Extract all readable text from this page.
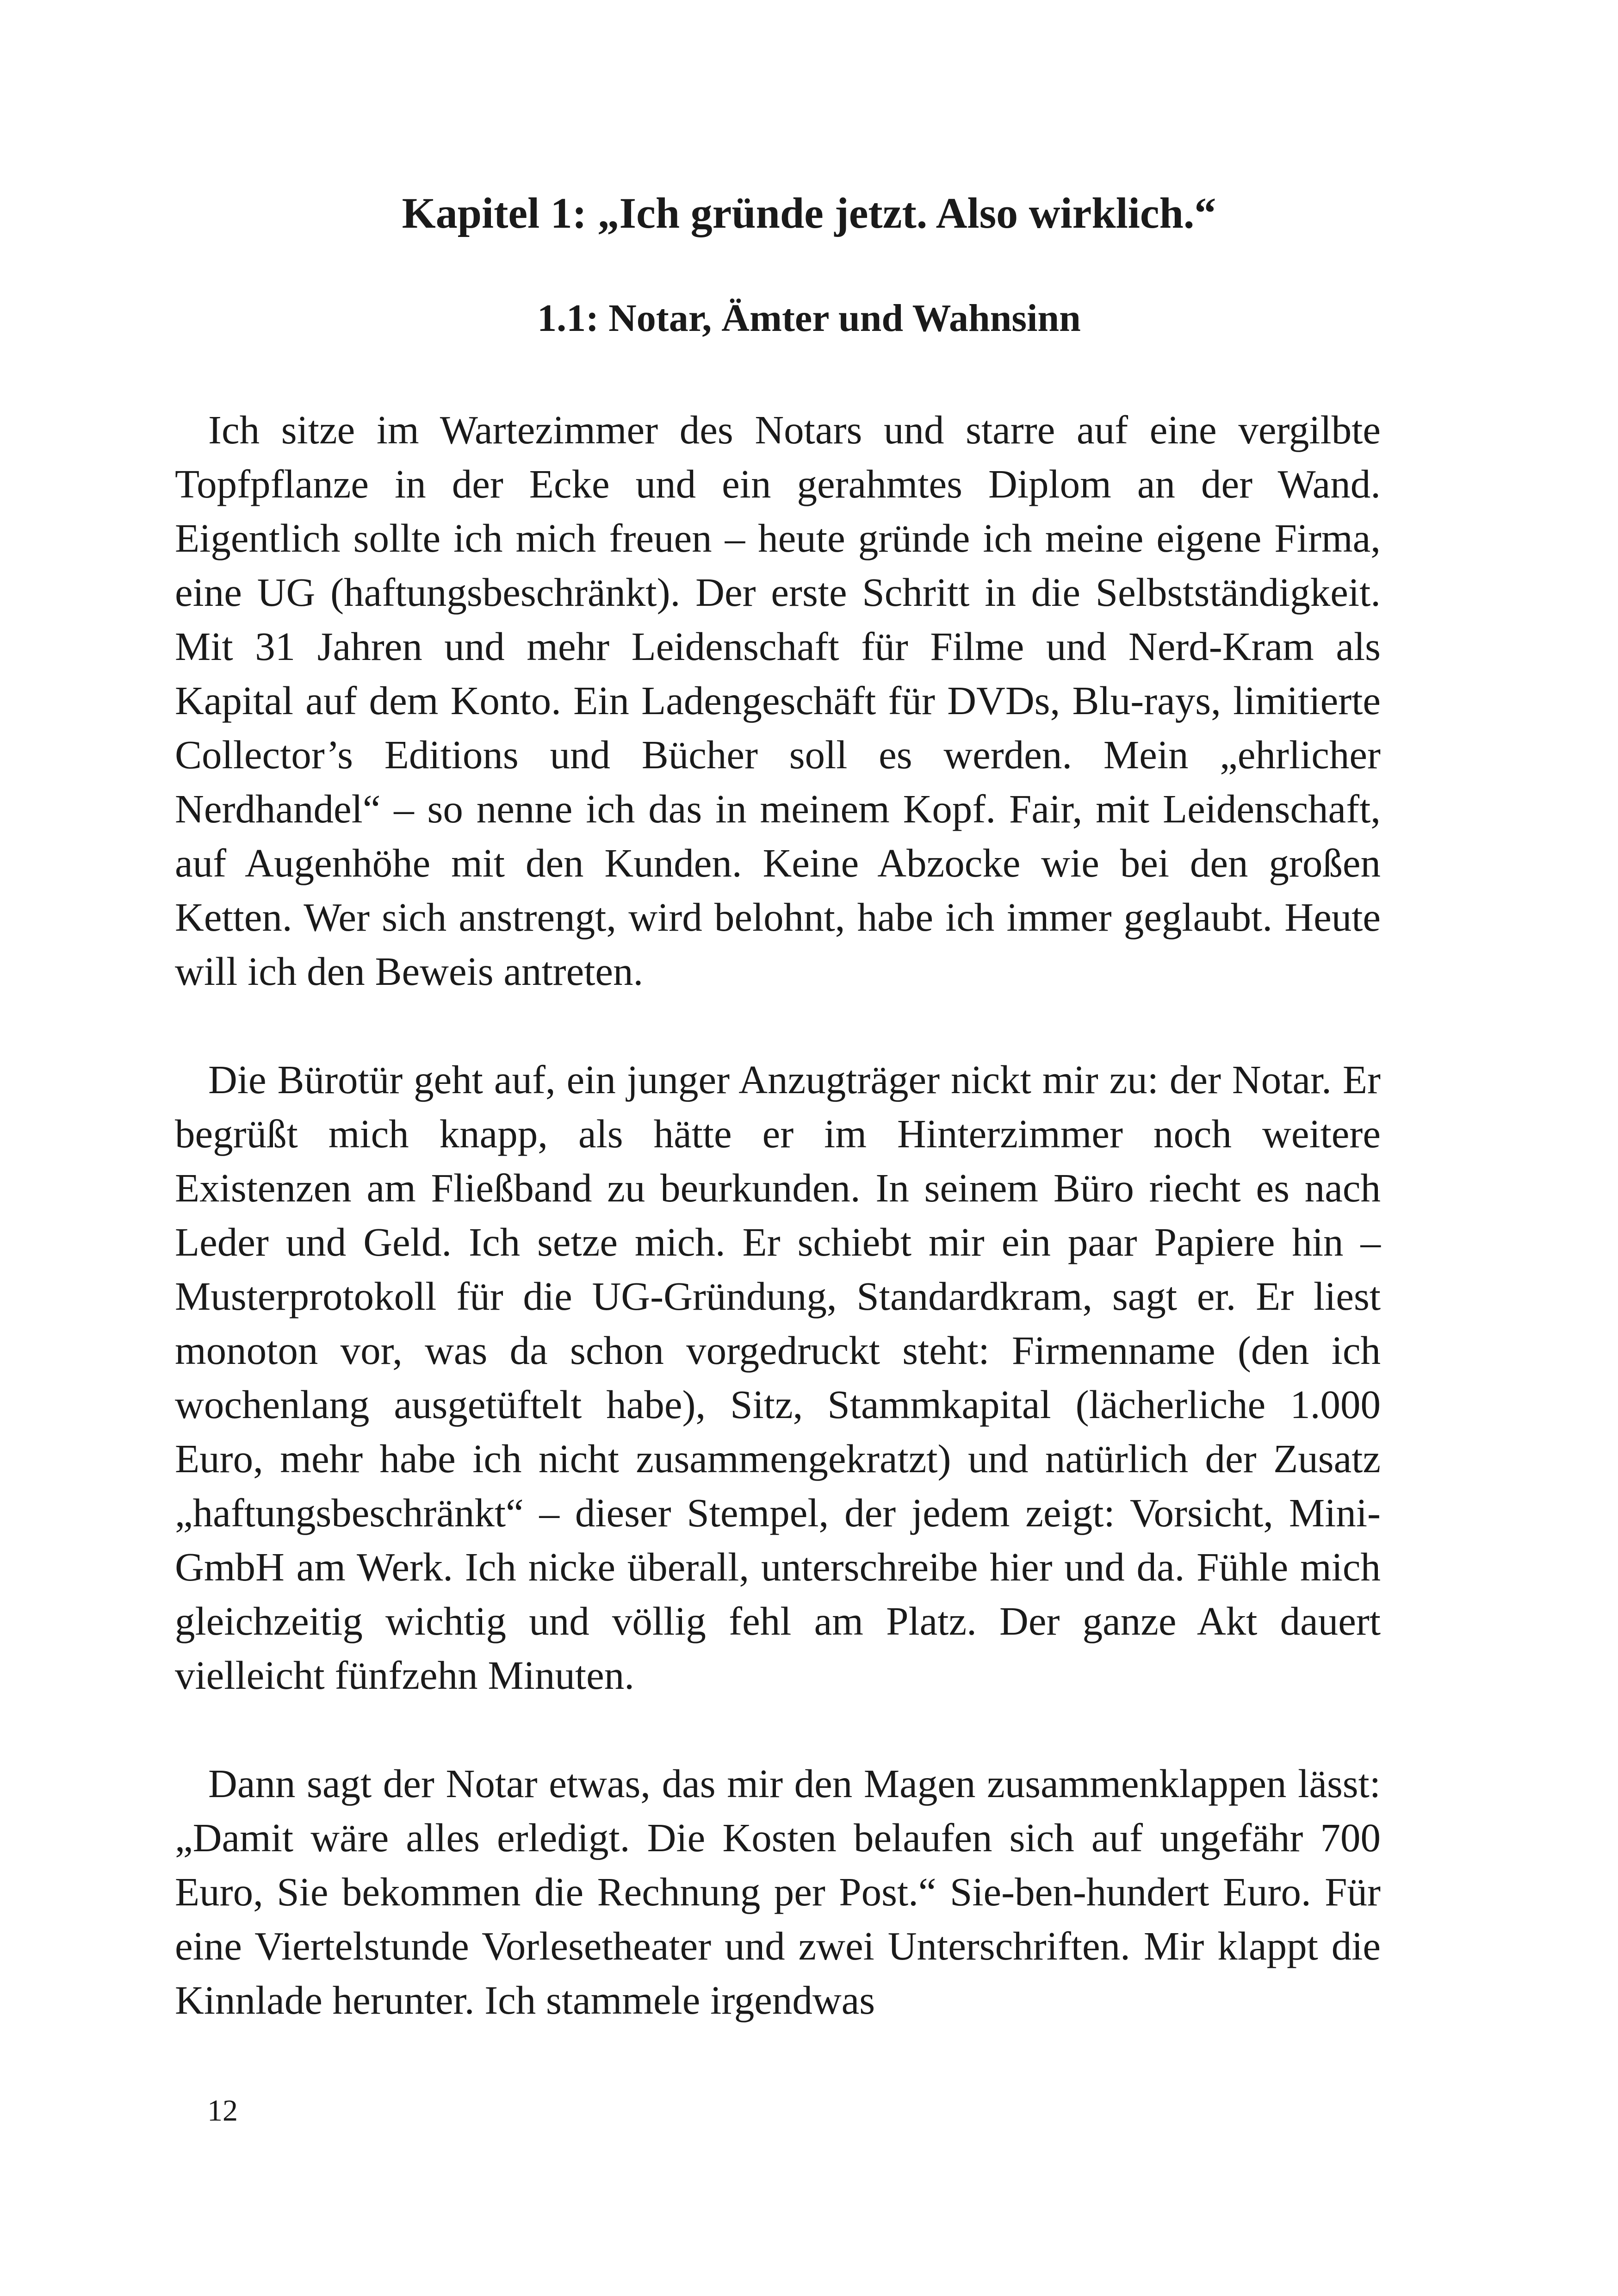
Kapitel 1: „Ich gründe jetzt. Also wirklich.“
1.1: Notar, Ämter und Wahnsinn

Ich sitze im Wartezimmer des Notars und starre auf eine vergilbte Topfpflanze in der Ecke und ein gerahmtes Diplom an der Wand. Eigentlich sollte ich mich freuen – heute gründe ich meine eigene Firma, eine UG (haftungsbeschränkt). Der erste Schritt in die Selbstständigkeit. Mit 31 Jahren und mehr Leidenschaft für Filme und Nerd-Kram als Kapital auf dem Konto. Ein Ladengeschäft für DVDs, Blu-rays, limitierte Collector’s Editions und Bücher soll es werden. Mein „ehrlicher Nerdhandel“ – so nenne ich das in meinem Kopf. Fair, mit Leidenschaft, auf Augenhöhe mit den Kunden. Keine Abzocke wie bei den großen Ketten. Wer sich anstrengt, wird belohnt, habe ich immer geglaubt. Heute will ich den Beweis antreten.

Die Bürotür geht auf, ein junger Anzugträger nickt mir zu: der Notar. Er begrüßt mich knapp, als hätte er im Hinterzimmer noch weitere Existenzen am Fließband zu beurkunden. In seinem Büro riecht es nach Leder und Geld. Ich setze mich. Er schiebt mir ein paar Papiere hin – Musterprotokoll für die UG-Gründung, Standardkram, sagt er. Er liest monoton vor, was da schon vorgedruckt steht: Firmenname (den ich wochenlang ausgetüftelt habe), Sitz, Stammkapital (lächerliche 1.000 Euro, mehr habe ich nicht zusammengekratzt) und natürlich der Zusatz „haftungsbeschränkt“ – dieser Stempel, der jedem zeigt: Vorsicht, Mini-GmbH am Werk. Ich nicke überall, unterschreibe hier und da. Fühle mich gleichzeitig wichtig und völlig fehl am Platz. Der ganze Akt dauert vielleicht fünfzehn Minuten.

Dann sagt der Notar etwas, das mir den Magen zusammenklappen lässt: „Damit wäre alles erledigt. Die Kosten belaufen sich auf ungefähr 700 Euro, Sie bekommen die Rechnung per Post.“ Sie-ben-hundert Euro. Für eine Viertelstunde Vorlesetheater und zwei Unterschriften. Mir klappt die Kinnlade herunter. Ich stammele irgendwas

12
